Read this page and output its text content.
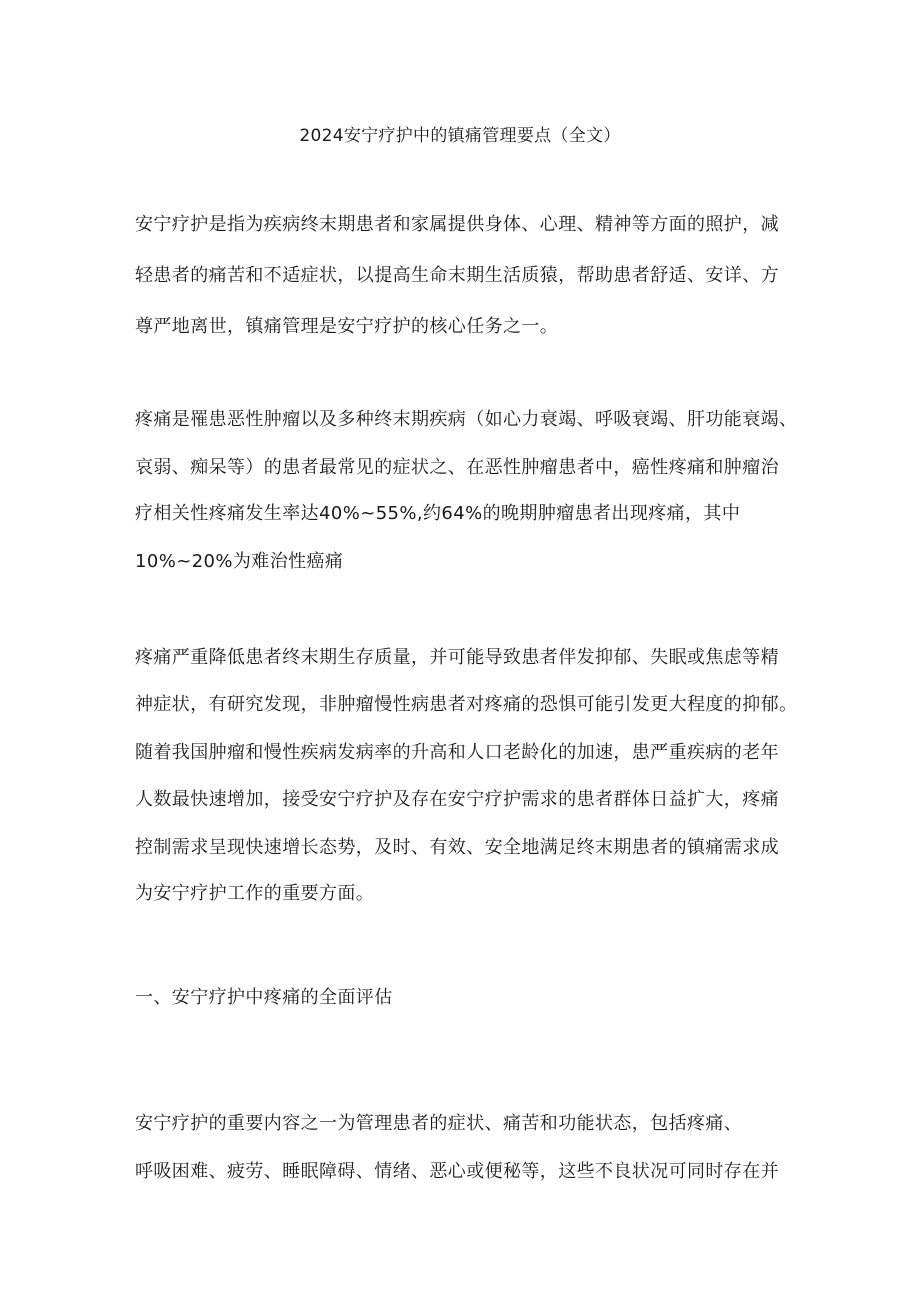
2024安宁疗护中的镇痛管理要点（全文）
安宁疗护是指为疾病终末期患者和家属提供身体、心理、精神等方面的照护，减
轻患者的痛苦和不适症状，以提高生命末期生活质猿，帮助患者舒适、安详、方
尊严地离世，镇痛管理是安宁疗护的核心任务之一。
疼痛是罹患恶性肿瘤以及多种终末期疾病（如心力衰竭、呼吸衰竭、肝功能衰竭、
哀弱、痴呆等）的患者最常见的症状之、在恶性肿瘤患者中，癌性疼痛和肿瘤治
疗相关性疼痛发生率达40%~55%,约64%的晚期肿瘤患者出现疼痛，其中
10%~20%为难治性癌痛
疼痛严重降低患者终末期生存质量，并可能导致患者伴发抑郁、失眠或焦虑等精
神症状，有研究发现，非肿瘤慢性病患者对疼痛的恐惧可能引发更大程度的抑郁。
随着我国肿瘤和慢性疾病发病率的升高和人口老龄化的加速，患严重疾病的老年
人数最快速增加，接受安宁疗护及存在安宁疗护需求的患者群体日益扩大，疼痛
控制需求呈现快速增长态势，及时、有效、安全地满足终末期患者的镇痛需求成
为安宁疗护工作的重要方面。
一、安宁疗护中疼痛的全面评估
安宁疗护的重要内容之一为管理患者的症状、痛苦和功能状态，包括疼痛、
呼吸困难、疲劳、睡眠障碍、情绪、恶心或便秘等，这些不良状况可同时存在并
